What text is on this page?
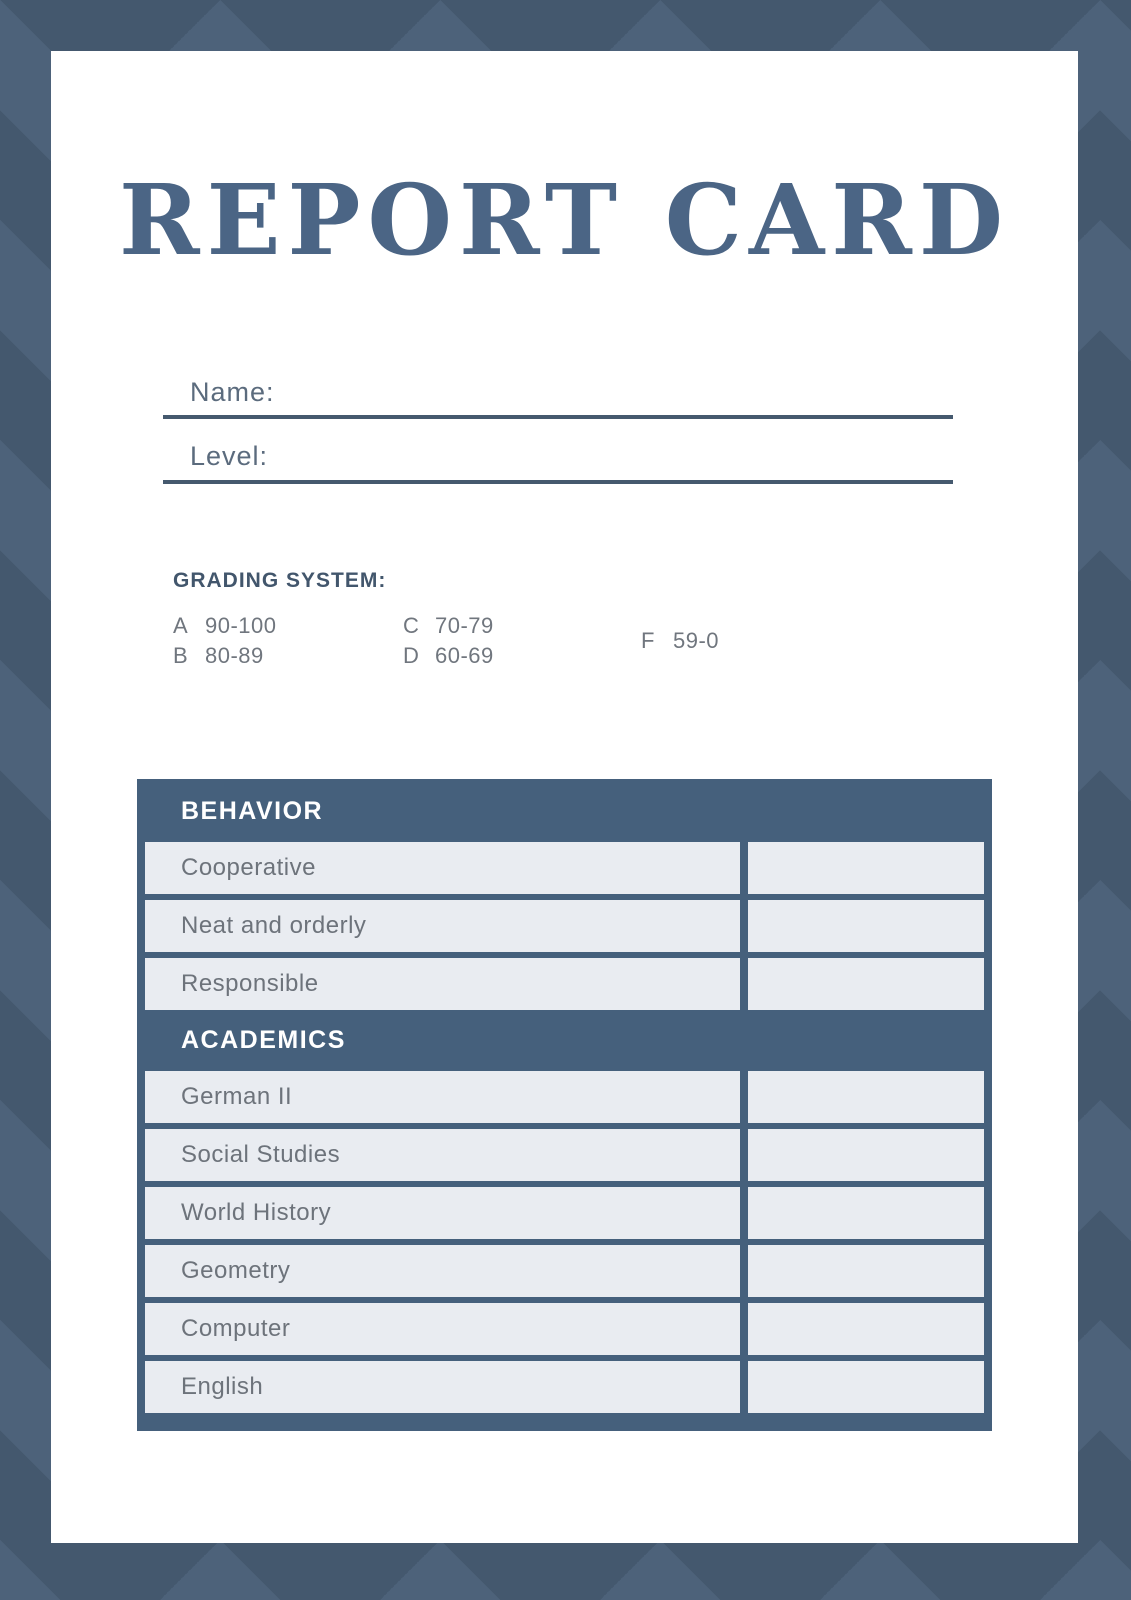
REPORT CARD
Name:
Level:
GRADING SYSTEM:
A 90-100
B 80-89
C 70-79
D 60-69
F 59-0
BEHAVIOR
Cooperative
Neat and orderly
Responsible
ACADEMICS
German II
Social Studies
World History
Geometry
Computer
English
